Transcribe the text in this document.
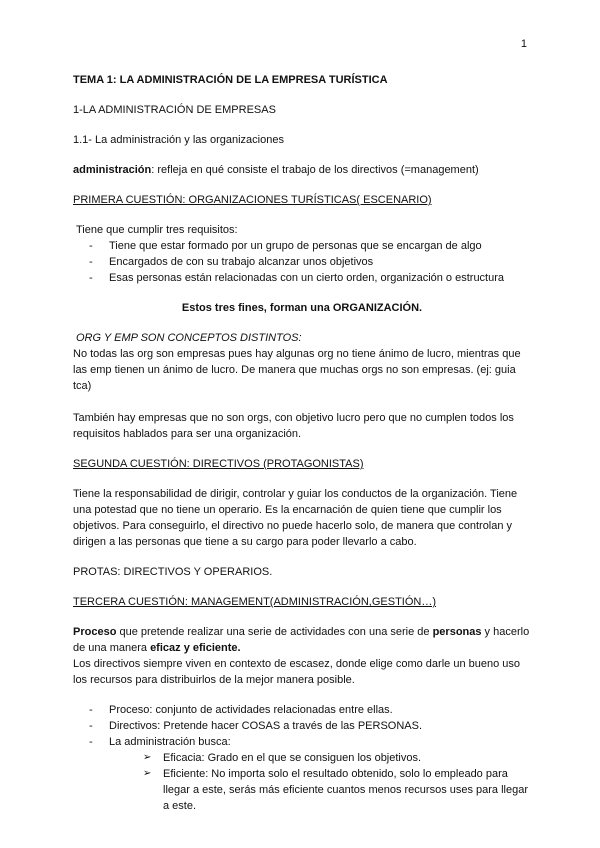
1

TEMA 1: LA ADMINISTRACIÓN DE LA EMPRESA TURÍSTICA

1-LA ADMINISTRACIÓN DE EMPRESAS

1.1- La administración y las organizaciones

administración: refleja en qué consiste el trabajo de los directivos (=management)

PRIMERA CUESTIÓN: ORGANIZACIONES TURÍSTICAS( ESCENARIO)

Tiene que cumplir tres requisitos:

- Tiene que estar formado por un grupo de personas que se encargan de algo
- Encargados de con su trabajo alcanzar unos objetivos
- Esas personas están relacionadas con un cierto orden, organización o estructura

Estos tres fines, forman una ORGANIZACIÓN.

ORG Y EMP SON CONCEPTOS DISTINTOS:

No todas las org son empresas pues hay algunas org no tiene ánimo de lucro, mientras que las emp tienen un ánimo de lucro. De manera que muchas orgs no son empresas. (ej: guia tca)

También hay empresas que no son orgs, con objetivo lucro pero que no cumplen todos los requisitos hablados para ser una organización.

SEGUNDA CUESTIÓN: DIRECTIVOS (PROTAGONISTAS)

Tiene la responsabilidad de dirigir, controlar y guiar los conductos de la organización. Tiene una potestad que no tiene un operario. Es la encarnación de quien tiene que cumplir los objetivos. Para conseguirlo, el directivo no puede hacerlo solo, de manera que controlan y dirigen a las personas que tiene a su cargo para poder llevarlo a cabo.

PROTAS: DIRECTIVOS Y OPERARIOS.

TERCERA CUESTIÓN: MANAGEMENT(ADMINISTRACIÓN,GESTIÓN…)

Proceso que pretende realizar una serie de actividades con una serie de personas y hacerlo de una manera eficaz y eficiente.

Los directivos siempre viven en contexto de escasez, donde elige como darle un bueno uso los recursos para distribuirlos de la mejor manera posible.

- Proceso: conjunto de actividades relacionadas entre ellas.
- Directivos: Pretende hacer COSAS a través de las PERSONAS.
- La administración busca:
➢ Eficacia: Grado en el que se consiguen los objetivos.
➢ Eficiente: No importa solo el resultado obtenido, solo lo empleado para llegar a este, serás más eficiente cuantos menos recursos uses para llegar a este.
